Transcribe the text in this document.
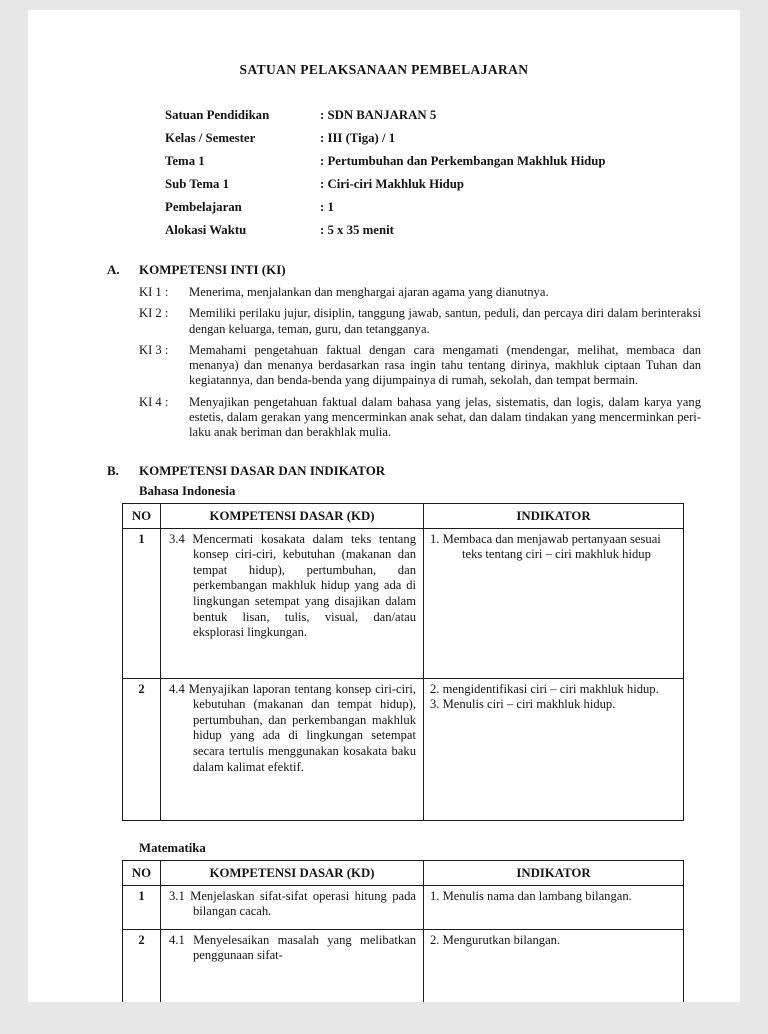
SATUAN PELAKSANAAN PEMBELAJARAN
Satuan Pendidikan	: SDN BANJARAN 5
Kelas / Semester	: III (Tiga) / 1
Tema 1	: Pertumbuhan dan Perkembangan Makhluk Hidup
Sub Tema 1	: Ciri-ciri Makhluk Hidup
Pembelajaran	: 1
Alokasi Waktu	: 5 x 35 menit
A.	KOMPETENSI INTI (KI)
KI 1 :	Menerima, menjalankan dan menghargai ajaran agama yang dianutnya.
KI 2 :	Memiliki perilaku jujur, disiplin, tanggung jawab, santun, peduli, dan percaya diri dalam berinteraksi dengan keluarga, teman, guru, dan tetangganya.
KI 3 :	Memahami pengetahuan faktual dengan cara mengamati (mendengar, melihat, membaca dan menanya) dan menanya berdasarkan rasa ingin tahu tentang dirinya, makhluk ciptaan Tuhan dan kegiatannya, dan benda-benda yang dijumpainya di rumah, sekolah, dan tempat bermain.
KI 4 :	Menyajikan pengetahuan faktual dalam bahasa yang jelas, sistematis, dan logis, dalam karya yang estetis, dalam gerakan yang mencerminkan anak sehat, dan dalam tindakan yang mencerminkan peri-laku anak beriman dan berakhlak mulia.
B.	KOMPETENSI DASAR DAN INDIKATOR
Bahasa Indonesia
NO	KOMPETENSI DASAR (KD)	INDIKATOR
1	3.4 Mencermati kosakata dalam teks tentang konsep ciri-ciri, kebutuhan (makanan dan tempat hidup), pertumbuhan, dan perkembangan makhluk hidup yang ada di lingkungan setempat yang disajikan dalam bentuk lisan, tulis, visual, dan/atau eksplorasi lingkungan.	1. Membaca dan menjawab pertanyaan sesuai teks tentang ciri – ciri makhluk hidup

2	4.4 Menyajikan laporan tentang konsep ciri-ciri, kebutuhan (makanan dan tempat hidup), pertumbuhan, dan perkembangan makhluk hidup yang ada di lingkungan setempat secara tertulis menggunakan kosakata baku dalam kalimat efektif.	2. mengidentifikasi ciri – ciri makhluk hidup.
3. Menulis ciri – ciri makhluk hidup.
Matematika
NO	KOMPETENSI DASAR (KD)	INDIKATOR
1	3.1 Menjelaskan sifat-sifat operasi hitung pada bilangan cacah.	1. Menulis nama dan lambang bilangan.

2	4.1 Menyelesaikan masalah yang melibatkan penggunaan sifat-	2. Mengurutkan bilangan.
